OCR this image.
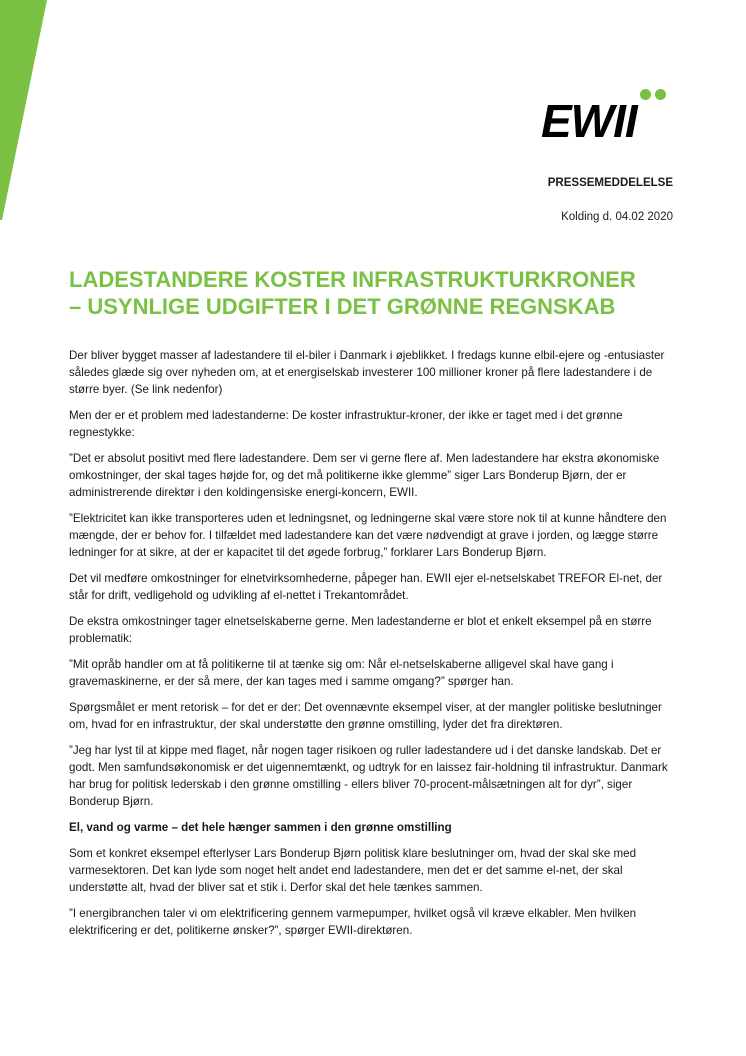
EWII
PRESSEMEDDELELSE
Kolding d. 04.02 2020
LADESTANDERE KOSTER INFRASTRUKTURKRONER
– USYNLIGE UDGIFTER I DET GRØNNE REGNSKAB

Der bliver bygget masser af ladestandere til el-biler i Danmark i øjeblikket. I fredags kunne elbil-ejere og -entusiaster således glæde sig over nyheden om, at et energiselskab investerer 100 millioner kroner på flere ladestandere i de større byer. (Se link nedenfor)

Men der er et problem med ladestanderne: De koster infrastruktur-kroner, der ikke er taget med i det grønne regnestykke:

”Det er absolut positivt med flere ladestandere. Dem ser vi gerne flere af. Men ladestandere har ekstra økonomiske omkostninger, der skal tages højde for, og det må politikerne ikke glemme” siger Lars Bonderup Bjørn, der er administrerende direktør i den koldingensiske energi-koncern, EWII.

”Elektricitet kan ikke transporteres uden et ledningsnet, og ledningerne skal være store nok til at kunne håndtere den mængde, der er behov for. I tilfældet med ladestandere kan det være nødvendigt at grave i jorden, og lægge større ledninger for at sikre, at der er kapacitet til det øgede forbrug,” forklarer Lars Bonderup Bjørn.

Det vil medføre omkostninger for elnetvirksomhederne, påpeger han. EWII ejer el-netselskabet TREFOR El-net, der står for drift, vedligehold og udvikling af el-nettet i Trekantområdet.

De ekstra omkostninger tager elnetselskaberne gerne. Men ladestanderne er blot et enkelt eksempel på en større problematik:

”Mit opråb handler om at få politikerne til at tænke sig om: Når el-netselskaberne alligevel skal have gang i gravemaskinerne, er der så mere, der kan tages med i samme omgang?” spørger han.

Spørgsmålet er ment retorisk – for det er der: Det ovennævnte eksempel viser, at der mangler politiske beslutninger om, hvad for en infrastruktur, der skal understøtte den grønne omstilling, lyder det fra direktøren.

”Jeg har lyst til at kippe med flaget, når nogen tager risikoen og ruller ladestandere ud i det danske landskab. Det er godt. Men samfundsøkonomisk er det uigennemtænkt, og udtryk for en laissez fair-holdning til infrastruktur. Danmark har brug for politisk lederskab i den grønne omstilling - ellers bliver 70-procent-målsætningen alt for dyr”, siger Bonderup Bjørn.

El, vand og varme – det hele hænger sammen i den grønne omstilling

Som et konkret eksempel efterlyser Lars Bonderup Bjørn politisk klare beslutninger om, hvad der skal ske med varmesektoren. Det kan lyde som noget helt andet end ladestandere, men det er det samme el-net, der skal understøtte alt, hvad der bliver sat et stik i. Derfor skal det hele tænkes sammen.

”I energibranchen taler vi om elektrificering gennem varmepumper, hvilket også vil kræve elkabler. Men hvilken elektrificering er det, politikerne ønsker?”, spørger EWII-direktøren.
